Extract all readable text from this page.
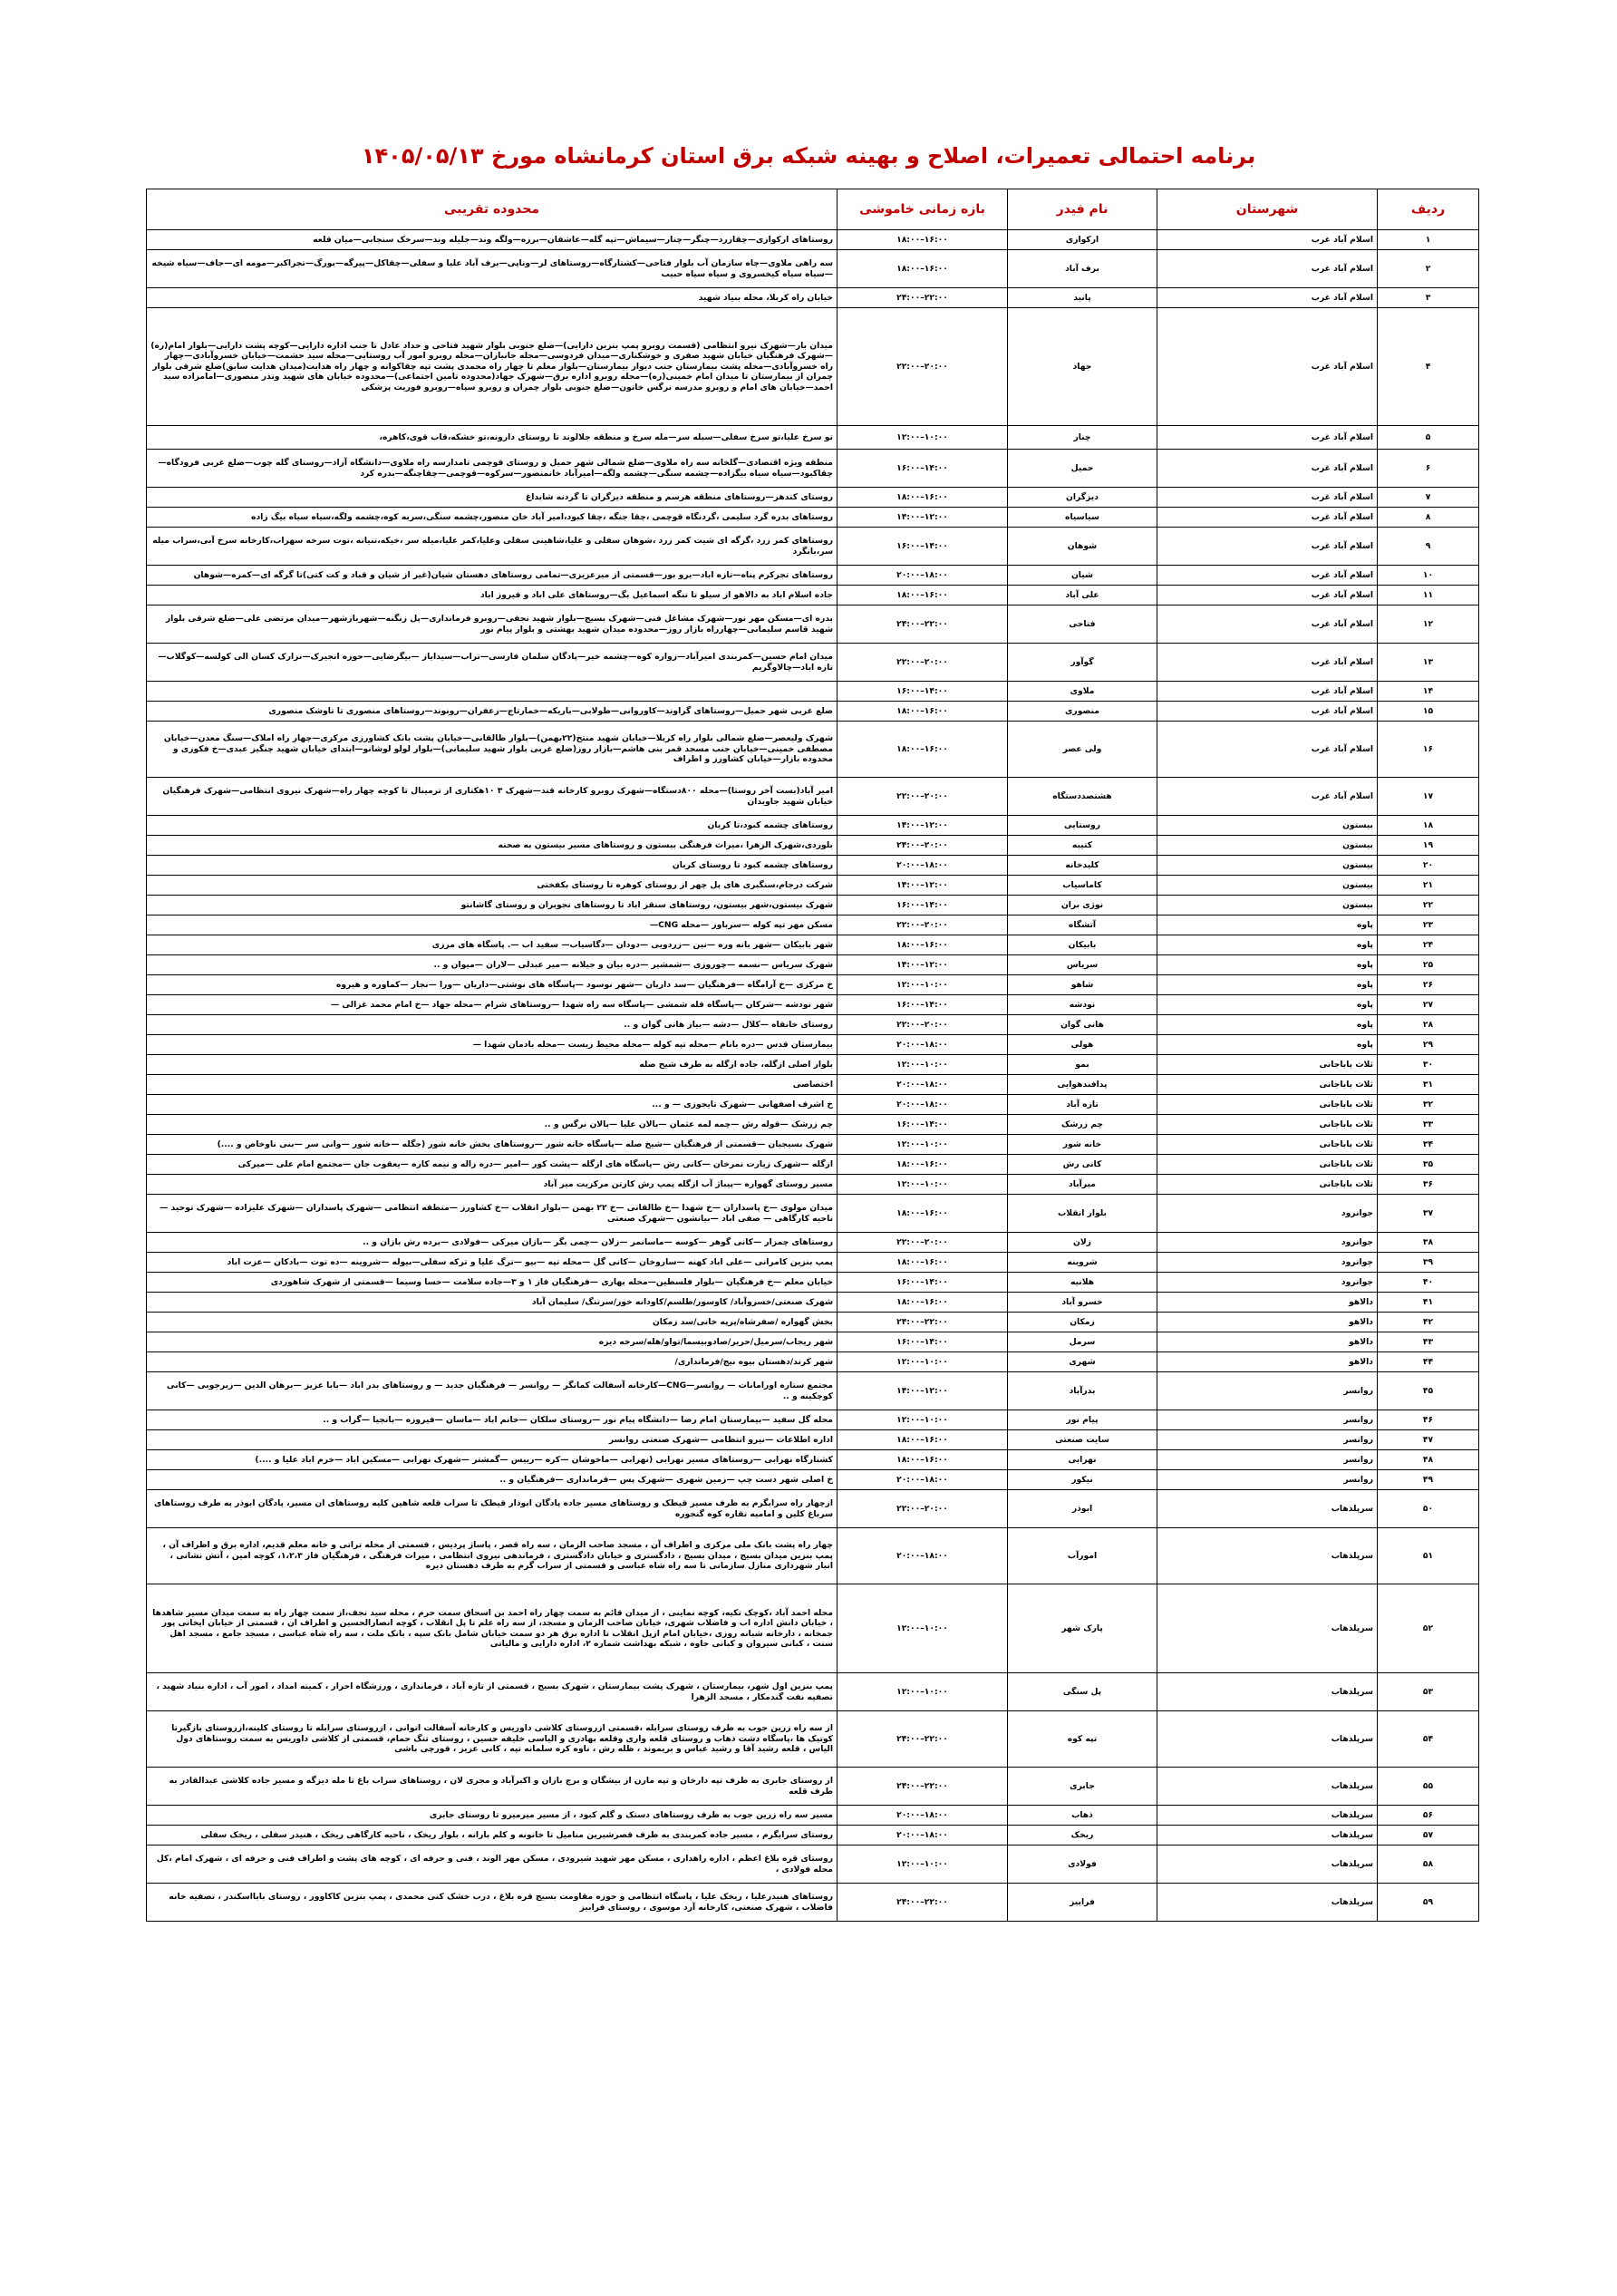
برنامه احتمالی تعمیرات، اصلاح و بهینه شبکه برق استان کرمانشاه مورخ ۱۴۰۵/۰۵/۱۳
ردیف	شهرستان	نام فیدر	بازه زمانی خاموشی	محدوده تقریبی
۱	اسلام آباد غرب	ارکوازی	۱۸:۰۰–۱۶:۰۰	روستاهای ارکوازی—چقازرد—چنگر—چنار—سیماش—تپه گله—عاشقان—برزه—ولگه وند—جلیله وند—سرخک سنجابی—میان قلعه
۲	اسلام آباد غرب	برف آباد	۱۸:۰۰–۱۶:۰۰	سه راهی ملاوی—چاه سازمان آب بلوار فتاحی—کشتارگاه—روستاهای لر—وناپی—برف آباد علیا و سفلی—چقاکل—پیرگه—بورگ—تجراکبر—مومه ای—جاف—سیاه شیخه—سیاه سیاه کیخسروی و سیاه سیاه حبیب
۳	اسلام آباد غرب	پانید	۲۴:۰۰–۲۲:۰۰	خیابان راه کربلا، محله بنیاد شهید
۴	اسلام آباد غرب	جهاد	۲۲:۰۰–۲۰:۰۰	میدان بار—شهرک نیرو انتظامی (قسمت روبرو پمپ بنزین دارایی)—ضلع جنوبی بلوار شهید فتاحی و حداد عادل تا جنب اداره دارایی—کوچه پشت دارایی—بلوار امام(ره)—شهرک فرهنگیان خیابان شهید صفری و خوشکناری—میدان فردوسی—محله جانبازان—محله روبرو امور آب روستایی—محله سید حشمت—خیابان خسروآبادی—چهار راه خسروآبادی—محله پشت بیمارستان جنب دیوار بیمارستان—بلوار معلم تا چهار راه محمدی پشت تپه چقاکوانه و چهار راه هدایت(میدان هدایت سابق)ضلع شرقی بلوار چمران از بیمارستان تا میدان امام خمینی(ره)—محله روبرو اداره برق—شهرک جهاد(محدوده تامین اجتماعی)—محدوده خیابان های شهید ونذر منصوری—امامزاده سید احمد—خیابان های امام و روبرو مدرسه نرگس خاتون—ضلع جنوبی بلوار چمران و روبرو سپاه—روبرو فوریت پزشکی
۵	اسلام آباد غرب	چنار	۱۲:۰۰–۱۰:۰۰	تو سرخ علیا،تو سرخ سفلی—سبله سر—مله سرخ و منطقه جلالوند تا روستای دارونه،تو خشکه،قاب قوی،کاهره،
۶	اسلام آباد غرب	حمیل	۱۶:۰۰–۱۴:۰۰	منطقه ویژه اقتصادی—گلخانه سه راه ملاوی—ضلع شمالی شهر حمیل و روستای قوچمی تامدارسه راه ملاوی—دانشگاه آزاد—روستای گله چوب—ضلع غربی فرودگاه—چقاکبود—سیاه سیاه بیگزاده—چشمه سنگی—چشمه ولگه—امیرآباد خانمنصور—سرکوه—قوچمی—چقاچنگه—بدره کرد
۷	اسلام آباد غرب	دیزگران	۱۸:۰۰–۱۶:۰۰	روستای کندهر—روستاهای منطقه هرسم و منطقه دیزگران تا گردنه شابداغ
۸	اسلام آباد غرب	سیاسیاه	۱۴:۰۰–۱۲:۰۰	روستاهای بدره گرد سلیمی ،گردنگاه قوچمی ،چقا جنگه ،چقا کبود،امیر آباد خان منصور،چشمه سنگی،سربه کوه،چشمه ولگه،سیاه سیاه بیگ زاده
۹	اسلام آباد غرب	شوهان	۱۶:۰۰–۱۴:۰۰	روستاهای کمر زرد ،گرگه ای شیت کمر زرد ،شوهان سفلی و علیا،شاهینی سفلی وعلیا،کمر علیا،میله سر ،خیکه،تنیانه ،توت سرخه سهراب،کارخانه سرخ آبی،سراب میله سر،بانگرد
۱۰	اسلام آباد غرب	شیان	۲۰:۰۰–۱۸:۰۰	روستاهای تجرکرم پناه—تازه اباد—برو بور—قسمتی از میرعزیزی—تمامی روستاهای دهستان شیان(غیر از شیان و قباد و کت کتی)تا گرگه ای—کمره—شوهان
۱۱	اسلام آباد غرب	علی آباد	۱۸:۰۰–۱۶:۰۰	جاده اسلام اباد به دالاهو از سیلو تا تنگه اسماعیل بگ—روستاهای علی اباد و فیروز اباد
۱۲	اسلام آباد غرب	فتاحی	۲۴:۰۰–۲۲:۰۰	بدره ای—مسکن مهر نور—شهرک مشاغل فنی—شهرک بسیج—بلوار شهید نجفی—روبرو فرمانداری—پل زنگنه—شهربازشهر—میدان مرتضی علی—ضلع شرقی بلوار شهید قاسم سلیمانی—چهارراه بازار روز—محدوده میدان شهید بهشتی و بلوار پیام نور
۱۳	اسلام آباد غرب	گوآور	۲۲:۰۰–۲۰:۰۰	میدان امام حسین—کمربندی امیرآباد—زواره کوه—چشمه خیر—پادگان سلمان فارسی—تراب—سیدایاز —بیگرضایی—حوزه انجیرک—نزارک کسان الی کولسه—کوگلاب—تازه اباد—چالاوگریم
۱۴	اسلام آباد غرب	ملاوی	۱۶:۰۰–۱۴:۰۰	
۱۵	اسلام آباد غرب	منصوری	۱۸:۰۰–۱۶:۰۰	ضلع غربی شهر حمیل—روستاهای گراوند—کاوروانی—طولابی—باریکه—خمارتاج—زعفران—رونوند—روستاهای منصوری تا تاوشک منصوری
۱۶	اسلام آباد غرب	ولی عصر	۱۸:۰۰–۱۶:۰۰	شهرک ولیعصر—ضلع شمالی بلوار راه کربلا—خیابان شهید منتخ(۲۲بهمن)—بلوار طالقانی—خیابان پشت بانک کشاورزی مرکزی—چهار راه املاک—سنگ معدن—خیابان مصطفی خمینی—خیابان جنب مسجد قمر بنی هاشم—بازار روز(ضلع غربی بلوار شهید سلیمانی)—بلوار لولو لوشانو—ابتدای خیابان شهید چنگیز عبدی—خ فکوری و محدوده بازار—خیابان کشاورز و اطراف
۱۷	اسلام آباد غرب	هشتصددستگاه	۲۲:۰۰–۲۰:۰۰	امیر آباد(بست آخر روستا)—محله ۸۰۰دستگاه—شهرک روبرو کارخانه قند—شهرک ۳ ۱۰هکتاری از ترمینال تا کوچه چهار راه—شهرک نیروی انتظامی—شهرک فرهنگیان خیابان شهید جاویدان
۱۸	بیستون	روستایی	۱۴:۰۰–۱۲:۰۰	روستاهای چشمه کبود،تا کربان
۱۹	بیستون	کتیبه	۲۴:۰۰–۲۰:۰۰	بلوردی،شهرک الزهرا ،میراث فرهنگی بیستون و روستاهای مسیر بیستون به صحنه
۲۰	بیستون	کلیدخانه	۲۰:۰۰–۱۸:۰۰	روستاهای چشمه کبود تا روستای کربان
۲۱	بیستون	کاماسیاب	۱۴:۰۰–۱۲:۰۰	شرکت درجام،سنگبری های پل چهر از روستای کوهره تا روستای بکفختی
۲۲	بیستون	نوژی بران	۱۶:۰۰–۱۴:۰۰	شهرک بیستون،شهر بیستون، روستاهای سنقر اباد تا روستاهای نجوبران و روستای گاشانتو
۲۳	پاوه	آتشگاه	۲۲:۰۰–۲۰:۰۰	مسکن مهر تپه کوله —سرباوز —محله CNG—
۲۴	پاوه	بابیکان	۱۸:۰۰–۱۶:۰۰	شهر بابیکان —شهر بانه وره —نین —زردویی —دودان —دگاسیاب— سفید اب —. پاسگاه های مرزی
۲۵	پاوه	سریاس	۱۴:۰۰–۱۲:۰۰	شهرک سریاس —نسمه —چوروزی —شمشیر —دره بیان و جیلانه —میر عبدلی —لاران —میوان و ..
۲۶	پاوه	شاهو	۱۲:۰۰–۱۰:۰۰	خ مرکزی —خ آرامگاه —فرهنگیان —سد داریان —شهر نوسود —پاسگاه های نوشتی—داریان —ورا —نجار —کماوره و هیروه
۲۷	پاوه	نودشه	۱۶:۰۰–۱۴:۰۰	شهر نودشه —شرکان —پاسگاه قله شمشی —پاسگاه سه راه شهدا —روستاهای شرام —محله جهاد —خ امام محمد غزالی —
۲۸	پاوه	هانی گوان	۲۲:۰۰–۲۰:۰۰	روستای خانقاه —کلال —دشه —بیاز هانی گوان و ..
۲۹	پاوه	هولی	۲۰:۰۰–۱۸:۰۰	بیمارستان قدس —دره بانام —محله تپه کوله —محله محیط زیست —محله بادمان شهدا —
۳۰	ثلاث باباجانی	بمو	۱۲:۰۰–۱۰:۰۰	بلوار اصلی ازگله، جاده ازگله به طرف شیخ صله
۳۱	ثلاث باباجانی	پدافندهوایی	۲۰:۰۰–۱۸:۰۰	اختصاصی
۳۲	ثلاث باباجانی	تازه آباد	۲۰:۰۰–۱۸:۰۰	خ اشرف اصفهانی —شهرک تایجوزی — و ...
۳۳	ثلاث باباجانی	چم زرشک	۱۶:۰۰–۱۴:۰۰	چم زرشک —قوله رش —چمه لمه عثمان —بالان علیا —بالان نرگس و ..
۳۴	ثلاث باباجانی	خانه شور	۱۲:۰۰–۱۰:۰۰	شهرک بسیجیان —قسمتی از فرهنگیان —شیخ صله —پاسگاه خانه شور —روستاهای بخش خانه شور (جگله —خانه شور —وانی سر —بنی ناوخاص و ....)
۳۵	ثلاث باباجانی	کانی رش	۱۸:۰۰–۱۶:۰۰	ازگله —شهرک زیارت نمرخان —کانی رش —پاسگاه های ازگله —پشت کور —امیر —دره زاله و نیمه کاره —یعقوب جان —مجتمع امام علی —میرکی
۳۶	ثلاث باباجانی	میرآباد	۱۲:۰۰–۱۰:۰۰	مسیر روستای گهواره —پیباژ آب ازگله پمپ رش کارتن مرکزیت میر آباد
۳۷	جوانرود	بلوار انقلاب	۱۸:۰۰–۱۶:۰۰	میدان مولوی —خ پاسداران —خ شهدا —خ طالقانی —خ ۲۲ بهمن —بلوار انقلاب —خ کشاورز —منطقه انتظامی —شهرک پاسداران —شهرک علیزاده —شهرک توحید —ناحیه کارگاهی — صفی اباد —بیانشون —شهرک صنعتی
۳۸	جوانرود	زلان	۲۲:۰۰–۲۰:۰۰	روستاهای چمزار —کانی گوهر —کوسه —ماسانمر —زلان —چمی بگر —بازان میرکی —فولادی —برده رش بازان و ..
۳۹	جوانرود	شروینه	۱۸:۰۰–۱۶:۰۰	پمپ بنزین کامرانی —علی اباد کهنه —ساروخان —کانی گل —محله تپه —بیو —ترگ علیا و ترکه سفلی—بیوله —شروینه —ده توت —بادکان —عزت اباد
۴۰	جوانرود	هلانیه	۱۶:۰۰–۱۴:۰۰	خیابان معلم —خ فرهنگیان —بلوار فلسطین—محله بهاری —فرهنگیان فاز ۱ و ۳—جاده سلامت —حسا وسیما —قسمتی از شهرک شاهوردی
۴۱	دالاهو	خسرو آباد	۱۸:۰۰–۱۶:۰۰	شهرک صنعتی/خسروآباد/ کاوسور/طلسم/کاودانه خور/سرتنگ/ سلیمان آباد
۴۲	دالاهو	زمکان	۲۴:۰۰–۲۲:۰۰	بخش گهواره /صفرشاه/پرپه خانی/سد زمکان
۴۳	دالاهو	سرمل	۱۶:۰۰–۱۴:۰۰	شهر ریجاب/سرمیل/حریر/صادوبیسما/تواو/هله/سرخه دیزه
۴۴	دالاهو	شهری	۱۲:۰۰–۱۰:۰۰	شهر کرند/دهستان بیوه نیج/فرمانداری/
۴۵	روانسر	بدرآباد	۱۴:۰۰–۱۲:۰۰	مجتمع ستاره اورامانات — روانسر—CNG—کارخانه آسفالت کمانگر — روانسر — فرهنگیان جدید — و روستاهای بدر اباد —بابا عزیز —برهان الدین —زبرجوبی —کانی کوچکینه و ..
۴۶	روانسر	پیام نور	۱۲:۰۰–۱۰:۰۰	محله گل سفید —بیمارستان امام رضا —دانشگاه پیام نور —روستای سلکان —خانم اباد —ماسان —فیروزه —بانجیا —گراب و ..
۴۷	روانسر	سایت صنعتی	۱۸:۰۰–۱۶:۰۰	اداره اطلاعات —نیرو انتظامی —شهرک صنعتی روانسر
۴۸	روانسر	نهرابی	۱۸:۰۰–۱۶:۰۰	کشتارگاه نهرابی —روستاهای مسیر نهرابی (نهرابی —ماخوشان —کره —رییس —گمشتر —شهرک نهرابی —مسکین اباد —خرم اباد علیا و ....)
۴۹	روانسر	نیکور	۲۰:۰۰–۱۸:۰۰	خ اصلی شهر دست چپ —زمین شهری —شهرک پس —فرمانداری —فرهنگیان و ..
۵۰	سرپلذهاب	ابوذر	۲۲:۰۰–۲۰:۰۰	ازچهار راه سرابگرم به طرف مسیر قیطک و روستاهای مسیر جاده پادگان ابوذار قیطک تا سراب قلعه شاهین کلیه روستاهای ان مسیر، پادگان ابوذر به طرف روستاهای سرباغ کلین و امامیه تقاره کوه گنجوره
۵۱	سرپلذهاب	امورآب	۲۰:۰۰–۱۸:۰۰	چهار راه پشت بانک ملی مرکزی و اطراف آن ، مسجد صاحب الزمان ، سه راه قصر ، پاساژ پردیس ، قسمتی از محله تراتی و خانه معلم قدیم، اداره برق و اطراف آن ، پمپ بنزین میدان بسیج ، میدان بسیج ، دادگستری و خیابان دادگستری ، فرماندهی نیروی انتظامی ، میراث فرهنگی ، فرهنگیان فاز ۱،۲،۳، کوچه امین ، آتش نشانی ، انبار شهرداری منازل سازمانی تا سه راه شاه عباسی و قسمتی از سراب گرم به طرف دهستان دیره
۵۲	سرپلذهاب	پارک شهر	۱۲:۰۰–۱۰:۰۰	محله احمد آباد ،کوچک تکیه، کوچه نماینی ، از میدان قائم به سمت چهار راه احمد بن اسحاق سمت حرم ، محله سید نجف،از سمت چهار راه به سمت میدان مسیر شاهدها ، خیابان دانش اداره اب و فاضلاب شهری، خیابان صاحب الزمان و مسجد، از سه راه علم تا پل انقلاب ، کوچه انصارالحسین و اطراف ان ، قسمتی از خیابان ایخانی پور جمخانه ، دارخانه شبانه روزی ،خیابان امام ازپل انقلاب تا اداره برق هر دو سمت خیابان شامل بانک سپه ، بانک ملت ، سه راه شاه عباسی ، مسجد جامع ، مسجد اهل سنت ، کبانی سیروان و کبانی جاوه ، شبکه بهداشت شماره ۲، اداره دارایی و مالیاتی
۵۳	سرپلذهاب	پل سنگی	۱۲:۰۰–۱۰:۰۰	پمپ بنزین اول شهر، بیمارستان ، شهرک پشت بیمارستان ، شهرک بسیج ، قسمتی از تازه آباد ، فرمانداری ، ورزشگاه احرار ، کمیته امداد ، امور آب ، اداره بنیاد شهید ، تصفیه نفت گندمکار ، مسجد الزهرا
۵۴	سرپلذهاب	تپه کوه	۲۴:۰۰–۲۲:۰۰	از سه راه زرین جوب به طرف روستای سرابله ،قسمتی ازروستای کلاشی داوریس و کارخانه آسفالت اتوانی ، ازروستای سرابله تا روستای کلینه،ازروستای بازگیرتا کوتیک ها ،پاسگاه دشت ذهاب و روستای قلعه واری وقلعه بهادری و الیاسی خلیفه حسین ، روستای تنگ حمام، قسمتی از کلاشی داوریس به سمت روستاهای دول الیاس ، قلعه رشید آقا و رشید عباس و بریموند ، ظله رش ، ناوه کره سلمانه تپه ، کانی عزیز ، قورچی باشی
۵۵	سرپلذهاب	جابری	۲۴:۰۰–۲۲:۰۰	از روستای جابری به طرف تپه دارخان و تپه مارن از بیشگان و برج بازان و اکبرآباد و مجری لان ، روستاهای سراب باغ تا مله دیزگه و مسیر جاده کلاشی عبدالقادر به طرف قلعه
۵۶	سرپلذهاب	ذهاب	۲۰:۰۰–۱۸:۰۰	مسیر سه راه زرین جوب به طرف روستاهای دستک و گلم کبود ، از مسیر میرمیرو تا روستای جابری
۵۷	سرپلذهاب	ریخک	۲۰:۰۰–۱۸:۰۰	روستای سرابگرم ، مسیر جاده کمربندی به طرف قصرشیرین منامیل تا خانونه و کلم بارانه ، بلوار ریخک ، ناحیه کارگاهی ریخک ، هنیدر سفلی ، ریخک سفلی
۵۸	سرپلذهاب	فولادی	۱۲:۰۰–۱۰:۰۰	روستای قره بلاغ اعظم ، اداره راهداری ، مسکن مهر شهید شیرودی ، مسکن مهر الوند ، فنی و حرفه ای ، کوچه های پشت و اطراف فنی و حرفه ای ، شهرک امام ،کل محله فولادی ،
۵۹	سرپلذهاب	فرابیز	۲۴:۰۰–۲۲:۰۰	روستاهای هنیدرعلیا ، ریخک علیا ، پاسگاه انتظامی و حوزه مقاومت بسیج قره بلاغ ، درب خشک کنی محمدی ، پمپ بنزین کاکاوور ، روستای بابااسکندر ، تصفیه خانه فاضلاب ، شهرک صنعتی، کارخانه آرد موسوی ، روستای فرابیز
